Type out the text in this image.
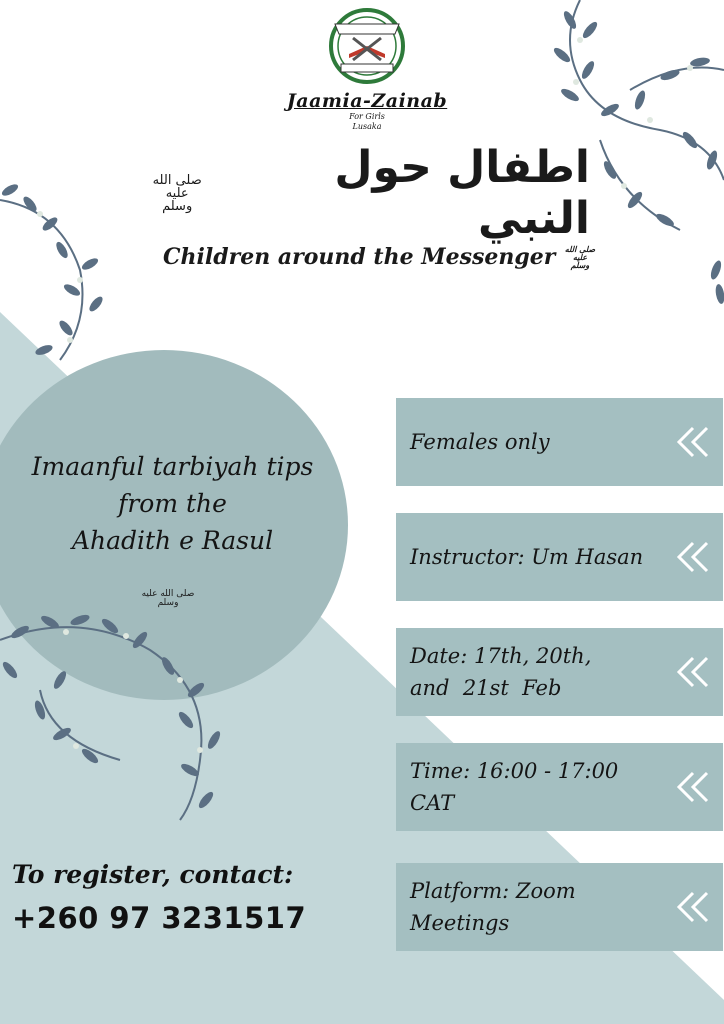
Jaamia-Zainab
For Girls
Lusaka
صلى الله عليه وسلم
اطفال حول النبي
Children around the Messenger صلى الله عليه وسلم
Imaanful tarbiyah tips
from the
Ahadith e Rasul
صلى الله عليه وسلم
Females only
Instructor: Um Hasan
Date: 17th, 20th,
and  21st  Feb
Time: 16:00 - 17:00
CAT
Platform: Zoom
Meetings
To register, contact:
+260 97 3231517
